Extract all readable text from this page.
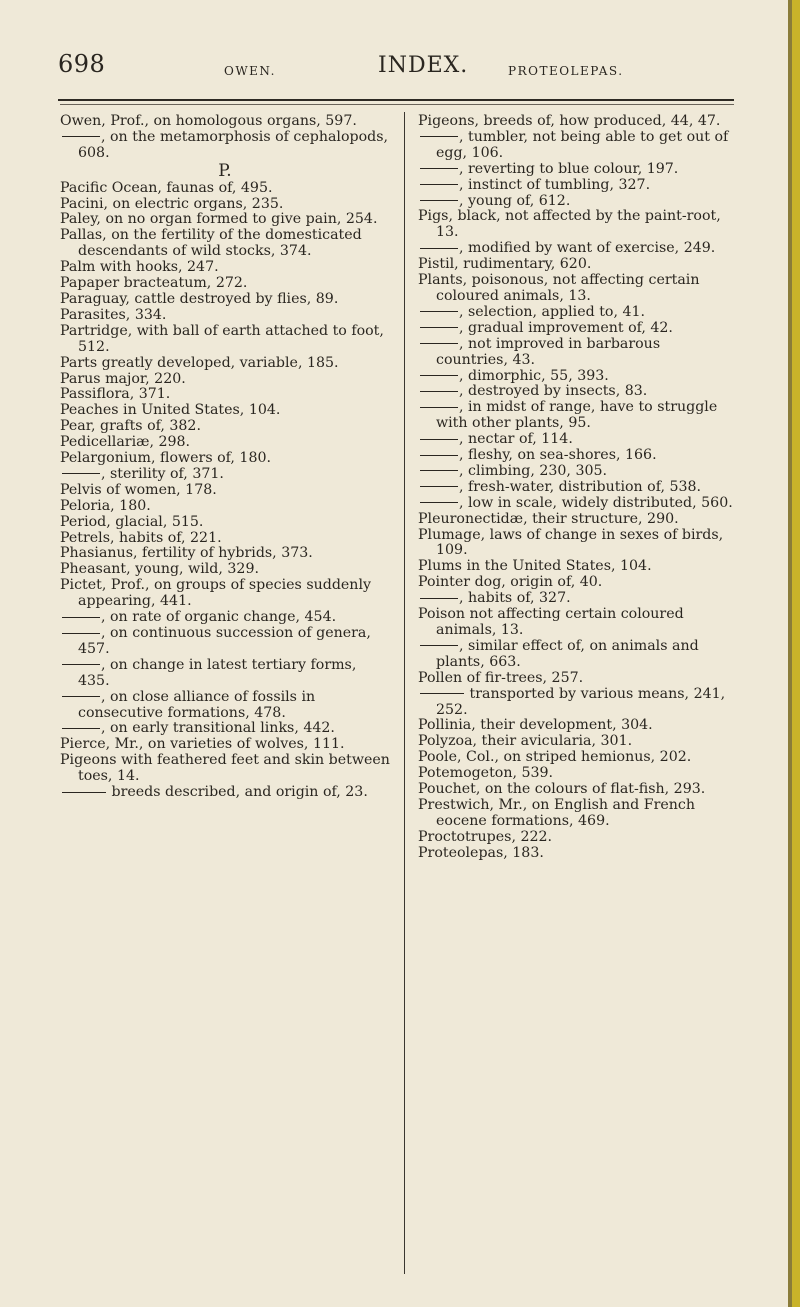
698	OWEN.	INDEX.	PROTEOLEPAS.
Owen, Prof., on homologous organs, 597.
, on the metamorphosis of cephalopods, 608.
P.
Pacific Ocean, faunas of, 495.
Pacini, on electric organs, 235.
Paley, on no organ formed to give pain, 254.
Pallas, on the fertility of the domesticated descendants of wild stocks, 374.
Palm with hooks, 247.
Papaper bracteatum, 272.
Paraguay, cattle destroyed by flies, 89.
Parasites, 334.
Partridge, with ball of earth attached to foot, 512.
Parts greatly developed, variable, 185.
Parus major, 220.
Passiflora, 371.
Peaches in United States, 104.
Pear, grafts of, 382.
Pedicellariæ, 298.
Pelargonium, flowers of, 180.
, sterility of, 371.
Pelvis of women, 178.
Peloria, 180.
Period, glacial, 515.
Petrels, habits of, 221.
Phasianus, fertility of hybrids, 373.
Pheasant, young, wild, 329.
Pictet, Prof., on groups of species suddenly appearing, 441.
, on rate of organic change, 454.
, on continuous succession of genera, 457.
, on change in latest tertiary forms, 435.
, on close alliance of fossils in consecutive formations, 478.
, on early transitional links, 442.
Pierce, Mr., on varieties of wolves, 111.
Pigeons with feathered feet and skin between toes, 14.
breeds described, and origin of, 23.
Pigeons, breeds of, how produced, 44, 47.
, tumbler, not being able to get out of egg, 106.
, reverting to blue colour, 197.
, instinct of tumbling, 327.
, young of, 612.
Pigs, black, not affected by the paint-root, 13.
, modified by want of exercise, 249.
Pistil, rudimentary, 620.
Plants, poisonous, not affecting certain coloured animals, 13.
, selection, applied to, 41.
, gradual improvement of, 42.
, not improved in barbarous countries, 43.
, dimorphic, 55, 393.
, destroyed by insects, 83.
, in midst of range, have to struggle with other plants, 95.
, nectar of, 114.
, fleshy, on sea-shores, 166.
, climbing, 230, 305.
, fresh-water, distribution of, 538.
, low in scale, widely distributed, 560.
Pleuronectidæ, their structure, 290.
Plumage, laws of change in sexes of birds, 109.
Plums in the United States, 104.
Pointer dog, origin of, 40.
, habits of, 327.
Poison not affecting certain coloured animals, 13.
, similar effect of, on animals and plants, 663.
Pollen of fir-trees, 257.
transported by various means, 241, 252.
Pollinia, their development, 304.
Polyzoa, their avicularia, 301.
Poole, Col., on striped hemionus, 202.
Potemogeton, 539.
Pouchet, on the colours of flat-fish, 293.
Prestwich, Mr., on English and French eocene formations, 469.
Proctotrupes, 222.
Proteolepas, 183.
